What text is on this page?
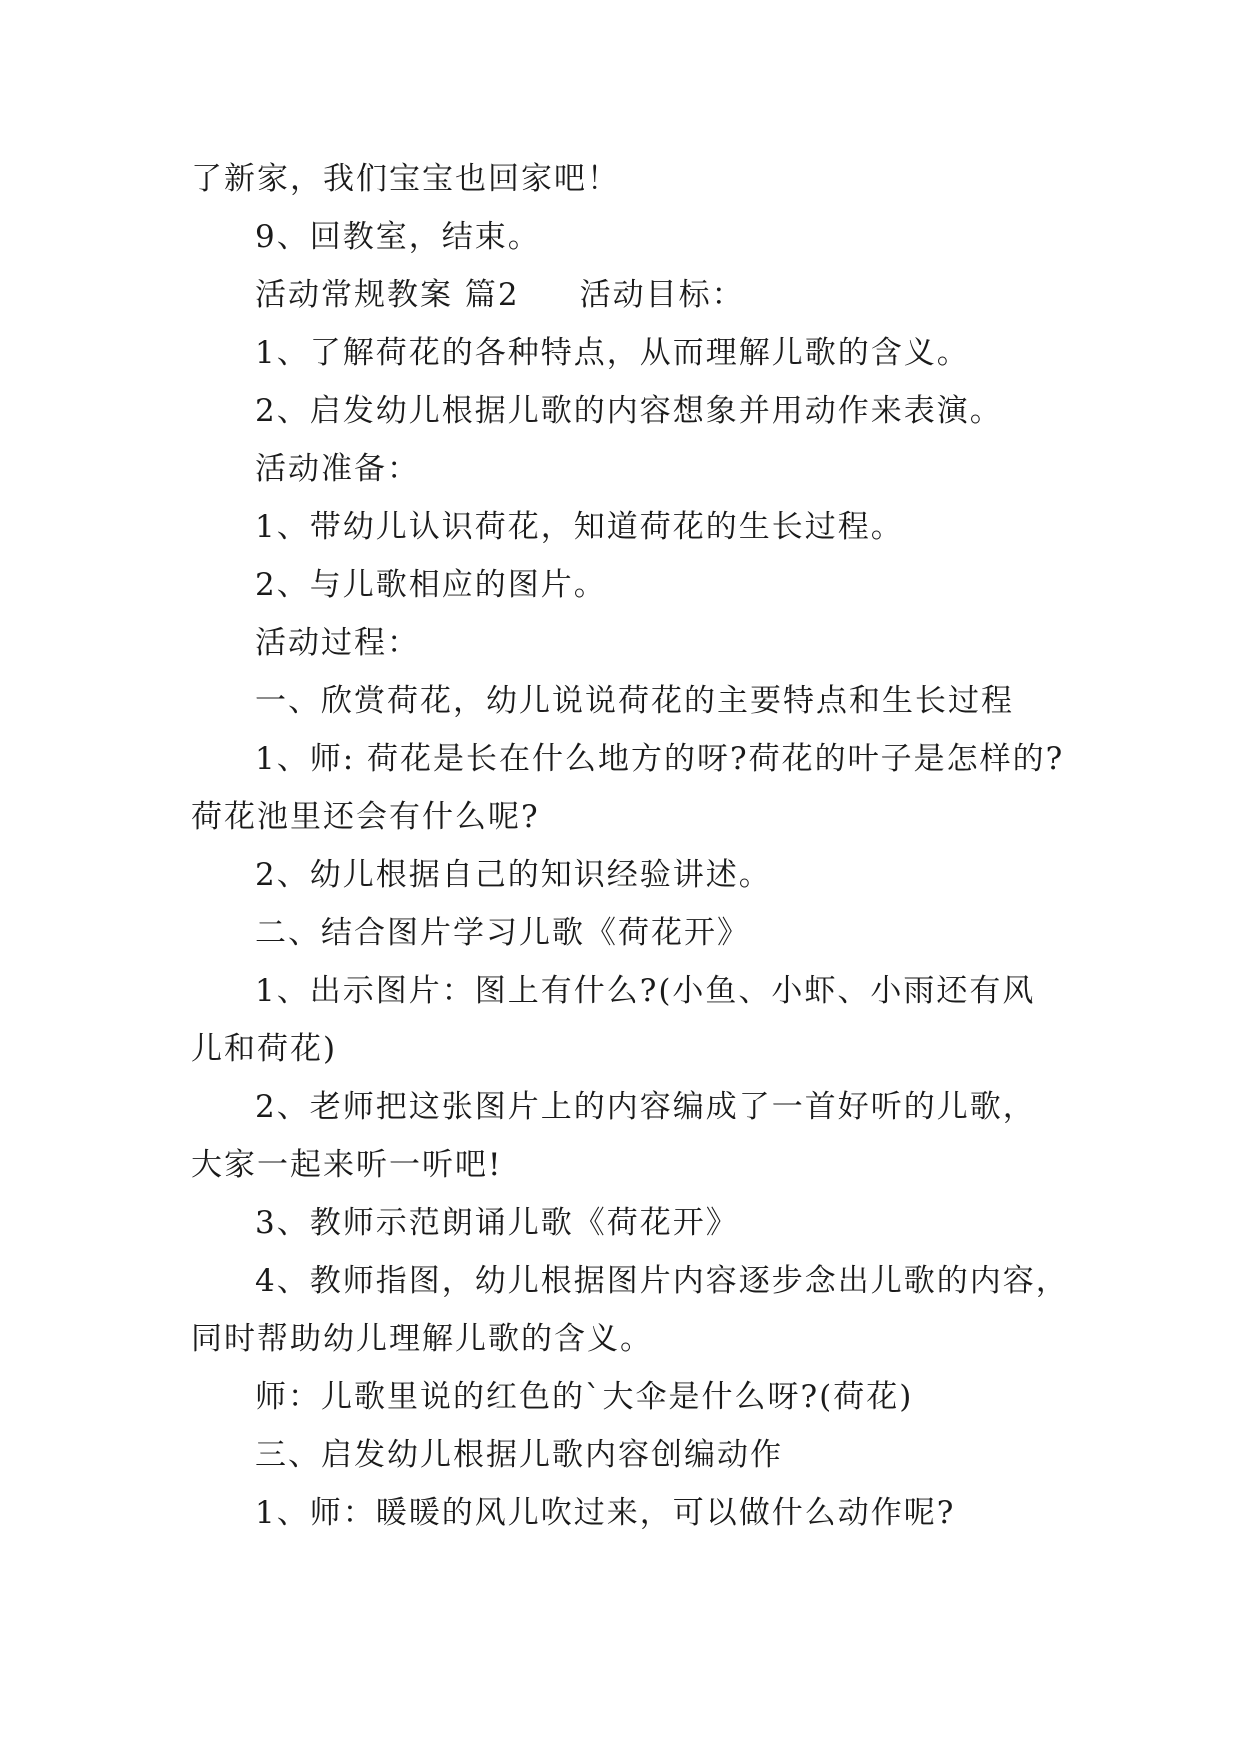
了新家，我们宝宝也回家吧！
9、回教室，结束。
活动常规教案 篇2 活动目标：
1、了解荷花的各种特点，从而理解儿歌的含义。
2、启发幼儿根据儿歌的内容想象并用动作来表演。
活动准备：
1、带幼儿认识荷花，知道荷花的生长过程。
2、与儿歌相应的图片。
活动过程：
一、欣赏荷花，幼儿说说荷花的主要特点和生长过程
1、师: 荷花是长在什么地方的呀?荷花的叶子是怎样的?
荷花池里还会有什么呢?
2、幼儿根据自己的知识经验讲述。
二、结合图片学习儿歌《荷花开》
1、出示图片：图上有什么?(小鱼、小虾、小雨还有风
儿和荷花)
2、老师把这张图片上的内容编成了一首好听的儿歌，
大家一起来听一听吧!
3、教师示范朗诵儿歌《荷花开》
4、教师指图，幼儿根据图片内容逐步念出儿歌的内容，
同时帮助幼儿理解儿歌的含义。
师：儿歌里说的红色的`大伞是什么呀?(荷花)
三、启发幼儿根据儿歌内容创编动作
1、师：暖暖的风儿吹过来，可以做什么动作呢?
